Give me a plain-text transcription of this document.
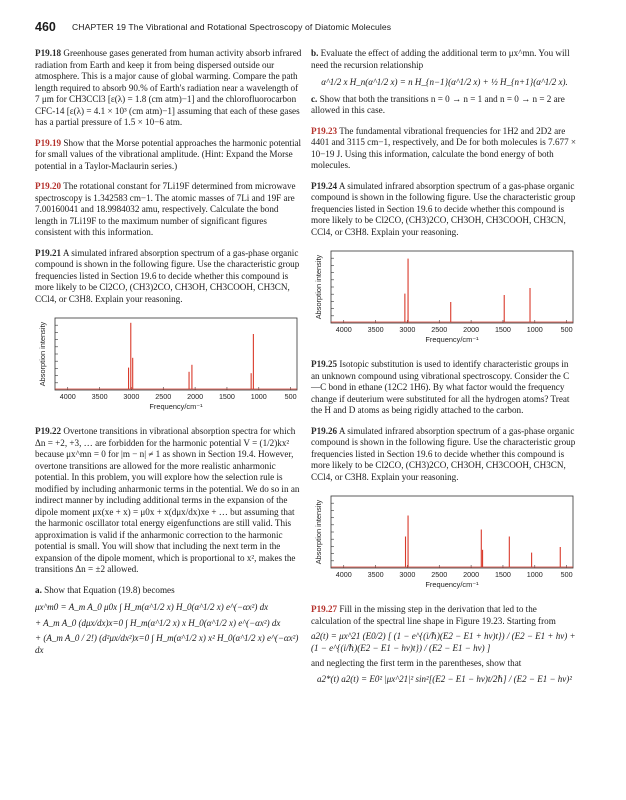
460 CHAPTER 19 The Vibrational and Rotational Spectroscopy of Diatomic Molecules

P19.18 Greenhouse gases generated from human activity absorb infrared radiation from Earth and keep it from being dispersed outside our atmosphere. This is a major cause of global warming. Compare the path length required to absorb 90.% of Earth's radiation near a wavelength of 7 μm for CH3CCl3 [ε(λ) = 1.8 (cm atm)−1] and the chlorofluorocarbon CFC-14 [ε(λ) = 4.1 × 10³ (cm atm)−1] assuming that each of these gases has a partial pressure of 1.5 × 10−6 atm.

P19.19 Show that the Morse potential approaches the harmonic potential for small values of the vibrational amplitude. (Hint: Expand the Morse potential in a Taylor-Maclaurin series.)

P19.20 The rotational constant for 7Li19F determined from microwave spectroscopy is 1.342583 cm−1. The atomic masses of 7Li and 19F are 7.00160041 and 18.9984032 amu, respectively. Calculate the bond length in 7Li19F to the maximum number of significant figures consistent with this information.

P19.21 A simulated infrared absorption spectrum of a gas-phase organic compound is shown in the following figure. Use the characteristic group frequencies listed in Section 19.6 to decide whether this compound is more likely to be Cl2CO, (CH3)2CO, CH3OH, CH3COOH, CH3CN, CCl4, or C3H8. Explain your reasoning.

500
1000
1500
2000
2500
3000
3500
4000
Frequency/cm⁻¹
Absorption intensity

P19.22 Overtone transitions in vibrational absorption spectra for which Δn = +2, +3, … are forbidden for the harmonic potential V = (1/2)kx² because μx^mn = 0 for |m − n| ≠ 1 as shown in Section 19.4. However, overtone transitions are allowed for the more realistic anharmonic potential. In this problem, you will explore how the selection rule is modified by including anharmonic terms in the potential. We do so in an indirect manner by including additional terms in the expansion of the dipole moment μx(xe + x) = μ0x + x(dμx/dx)xe + … but assuming that the harmonic oscillator total energy eigenfunctions are still valid. This approximation is valid if the anharmonic correction to the harmonic potential is small. You will show that including the next term in the expansion of the dipole moment, which is proportional to x², makes the transitions Δn = ±2 allowed.

a. Show that Equation (19.8) becomes
μx^m0 = A_m A_0 μ0x ∫ H_m(α^1/2 x) H_0(α^1/2 x) e^(−αx²) dx
+ A_m A_0 (dμx/dx)x=0 ∫ H_m(α^1/2 x) x H_0(α^1/2 x) e^(−αx²) dx
+ (A_m A_0 / 2!) (d²μx/dx²)x=0 ∫ H_m(α^1/2 x) x² H_0(α^1/2 x) e^(−αx²) dx
b. Evaluate the effect of adding the additional term to μx^mn. You will need the recursion relationship
α^1/2 x H_n(α^1/2 x) = n H_{n−1}(α^1/2 x) + ½ H_{n+1}(α^1/2 x).
c. Show that both the transitions n = 0 → n = 1 and n = 0 → n = 2 are allowed in this case.

P19.23 The fundamental vibrational frequencies for 1H2 and 2D2 are 4401 and 3115 cm−1, respectively, and De for both molecules is 7.677 × 10−19 J. Using this information, calculate the bond energy of both molecules.

P19.24 A simulated infrared absorption spectrum of a gas-phase organic compound is shown in the following figure. Use the characteristic group frequencies listed in Section 19.6 to decide whether this compound is more likely to be Cl2CO, (CH3)2CO, CH3OH, CH3COOH, CH3CN, CCl4, or C3H8. Explain your reasoning.

500
1000
1500
2000
2500
3000
3500
4000
Frequency/cm⁻¹
Absorption intensity

P19.25 Isotopic substitution is used to identify characteristic groups in an unknown compound using vibrational spectroscopy. Consider the C—C bond in ethane (12C2 1H6). By what factor would the frequency change if deuterium were substituted for all the hydrogen atoms? Treat the H and D atoms as being rigidly attached to the carbon.

P19.26 A simulated infrared absorption spectrum of a gas-phase organic compound is shown in the following figure. Use the characteristic group frequencies listed in Section 19.6 to decide whether this compound is more likely to be Cl2CO, (CH3)2CO, CH3OH, CH3COOH, CH3CN, CCl4, or C3H8. Explain your reasoning.

500
1000
1500
2000
2500
3000
3500
4000
Frequency/cm⁻¹
Absorption intensity

P19.27 Fill in the missing step in the derivation that led to the calculation of the spectral line shape in Figure 19.23. Starting from

a2(t) = μx^21 (E0/2) [ (1 − e^{(i/ℏ)(E2 − E1 + hν)t}) / (E2 − E1 + hν) + (1 − e^{(i/ℏ)(E2 − E1 − hν)t}) / (E2 − E1 − hν) ]

and neglecting the first term in the parentheses, show that

a2*(t) a2(t) = E0² |μx^21|² sin²[(E2 − E1 − hν)t/2ℏ] / (E2 − E1 − hν)²
